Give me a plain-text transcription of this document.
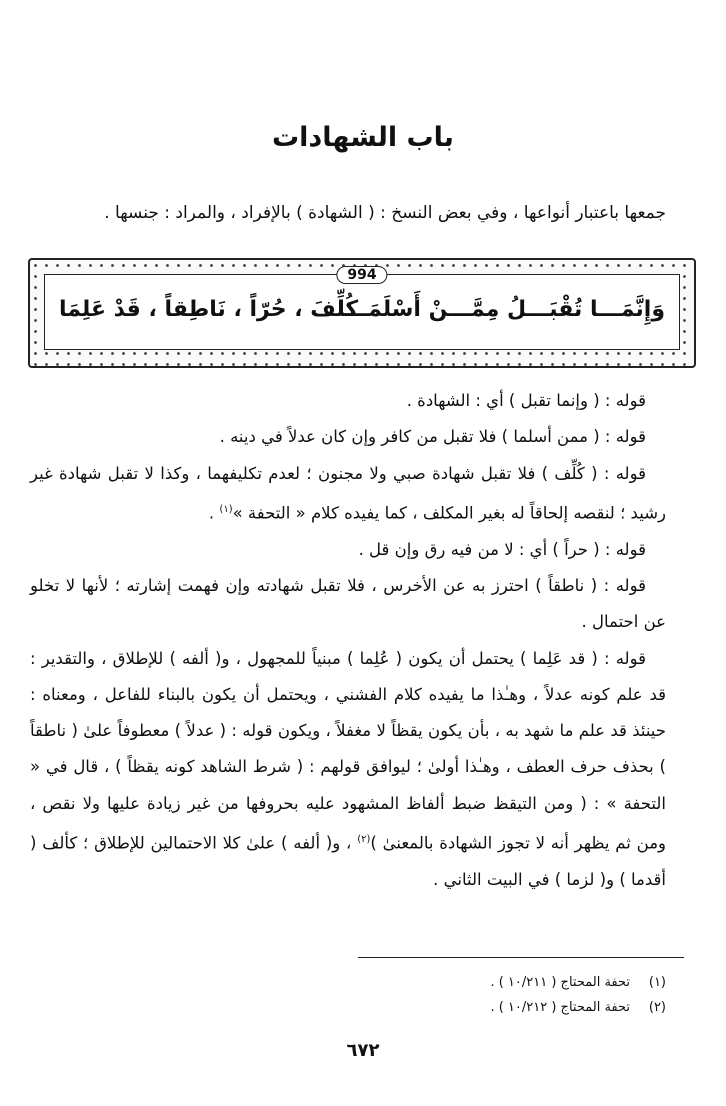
باب الشهادات
جمعها باعتبار أنواعها ، وفي بعض النسخ : ( الشهادة ) بالإفراد ، والمراد : جنسها .
994
وَإِنَّمَـــا تُقْبَـــلُ مِمَّـــنْ أَسْلَمَـــا
كُلِّفَ ، حُرّاً ، نَاطِقاً ، قَدْ عَلِمَا

قوله : ( وإنما تقبل ) أي : الشهادة .

قوله : ( ممن أسلما ) فلا تقبل من كافر وإن كان عدلاً في دينه .

قوله : ( كُلِّف ) فلا تقبل شهادة صبي ولا مجنون ؛ لعدم تكليفهما ، وكذا لا تقبل شهادة غير رشيد ؛ لنقصه إلحاقاً له بغير المكلف ، كما يفيده كلام « التحفة »$^{(١)}$ .

قوله : ( حراً ) أي : لا من فيه رق وإن قل .

قوله : ( ناطقاً ) احترز به عن الأخرس ، فلا تقبل شهادته وإن فهمت إشارته ؛ لأنها لا تخلو عن احتمال .

قوله : ( قد عَلِما ) يحتمل أن يكون ( عُلِما ) مبنياً للمجهول ، و( ألفه ) للإطلاق ، والتقدير : قد علم كونه عدلاً ، وهـٰذا ما يفيده كلام الفشني ، ويحتمل أن يكون بالبناء للفاعل ، ومعناه : حينئذ قد علم ما شهد به ، بأن يكون يقظاً لا مغفلاً ، ويكون قوله : ( عدلاً ) معطوفاً علىٰ ( ناطقاً ) بحذف حرف العطف ، وهـٰذا أولىٰ ؛ ليوافق قولهم : ( شرط الشاهد كونه يقظاً ) ، قال في « التحفة » : ( ومن التيقظ ضبط ألفاظ المشهود عليه بحروفها من غير زيادة عليها ولا نقص ، ومن ثم يظهر أنه لا تجوز الشهادة بالمعنىٰ )$^{(٢)}$ ، و( ألفه ) علىٰ كلا الاحتمالين للإطلاق ؛ كألف ( أقدما ) و( لزما ) في البيت الثاني .

(١)تحفة المحتاج ( ١٠/٢١١ ) .
(٢)تحفة المحتاج ( ١٠/٢١٢ ) .
٦٧٢
